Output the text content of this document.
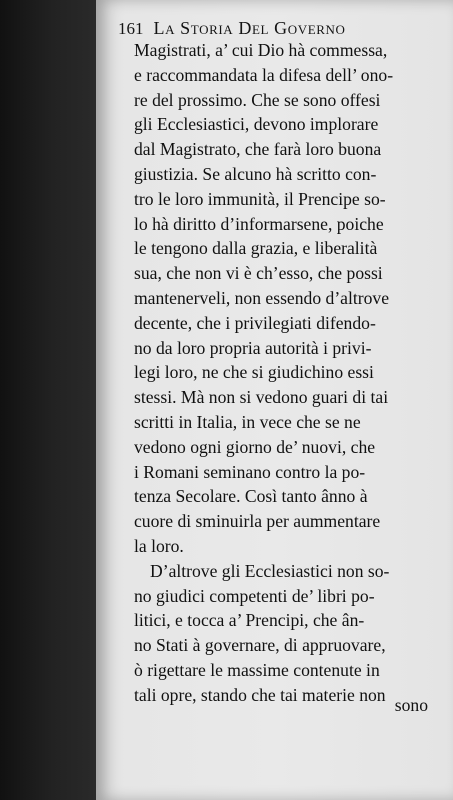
161 La Storia Del Governo
Magistrati, a’ cui Dio hà commessa,
e raccommandata la difesa dell’ ono-
re del prossimo. Che se sono offesi
gli Ecclesiastici, devono implorare
dal Magistrato, che farà loro buona
giustizia. Se alcuno hà scritto con-
tro le loro immunità, il Prencipe so-
lo hà diritto d’informarsene, poiche
le tengono dalla grazia, e liberalità
sua, che non vi è ch’esso, che possi
mantenerveli, non essendo d’altrove
decente, che i privilegiati difendo-
no da loro propria autorità i privi-
legi loro, ne che si giudichino essi
stessi. Mà non si vedono guari di tai
scritti in Italia, in vece che se ne
vedono ogni giorno de’ nuovi, che
i Romani seminano contro la po-
tenza Secolare. Così tanto ânno à
cuore di sminuirla per aummentare
la loro.
D’altrove gli Ecclesiastici non so-
no giudici competenti de’ libri po-
litici, e tocca a’ Prencipi, che ân-
no Stati à governare, di appruovare,
ò rigettare le massime contenute in
tali opre, stando che tai materie non
sono
